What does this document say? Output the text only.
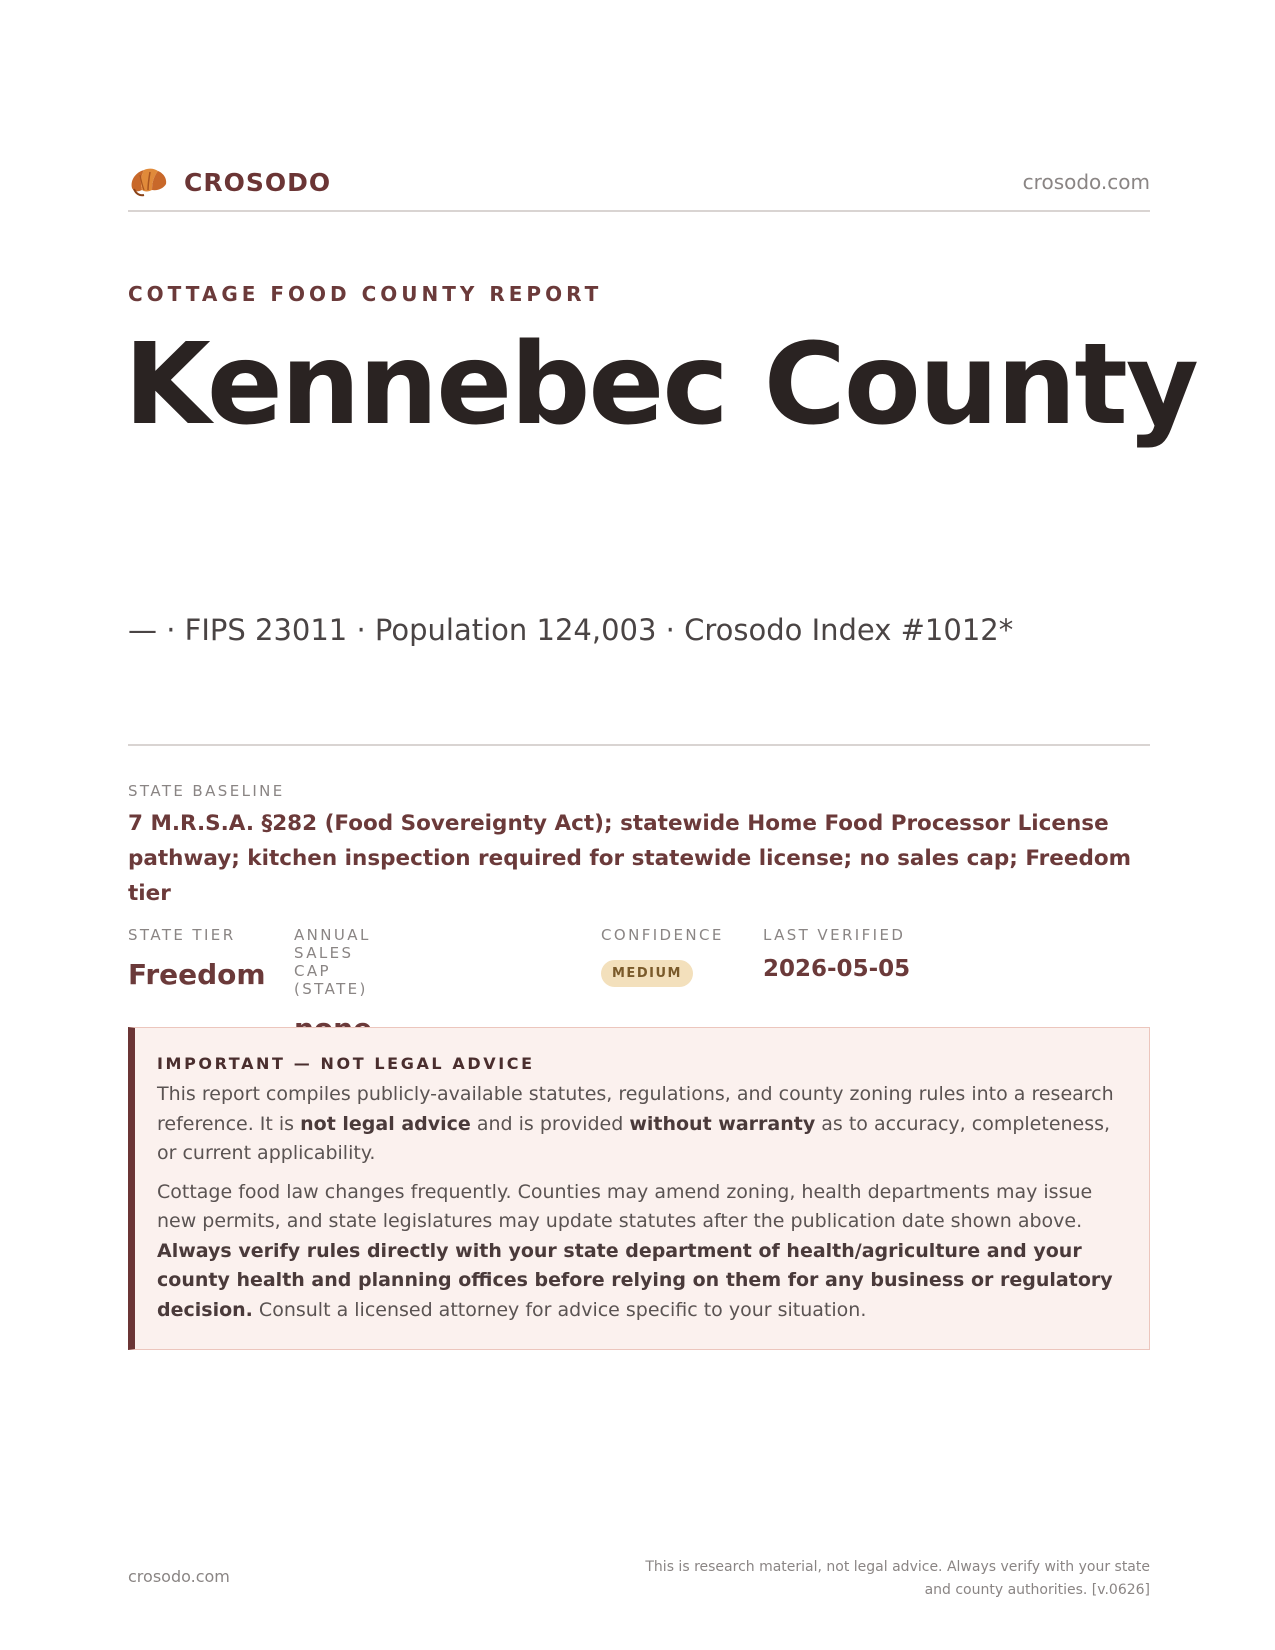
CROSODO	crosodo.com
COTTAGE FOOD COUNTY REPORT
Kennebec County
— · FIPS 23011 · Population 124,003 · Crosodo Index #1012*
STATE BASELINE
7 M.R.S.A. §282 (Food Sovereignty Act); statewide Home Food Processor License pathway; kitchen inspection required for statewide license; no sales cap; Freedom tier
STATE TIER
Freedom
ANNUAL SALES CAP (STATE)
CONFIDENCE
MEDIUM
LAST VERIFIED
2026-05-05
IMPORTANT — NOT LEGAL ADVICE

This report compiles publicly-available statutes, regulations, and county zoning rules into a research reference. It is not legal advice and is provided without warranty as to accuracy, completeness, or current applicability.

Cottage food law changes frequently. Counties may amend zoning, health departments may issue new permits, and state legislatures may update statutes after the publication date shown above. Always verify rules directly with your state department of health/agriculture and your county health and planning offices before relying on them for any business or regulatory decision. Consult a licensed attorney for advice specific to your situation.

crosodo.com	This is research material, not legal advice. Always verify with your state
and county authorities. [v.0626]
